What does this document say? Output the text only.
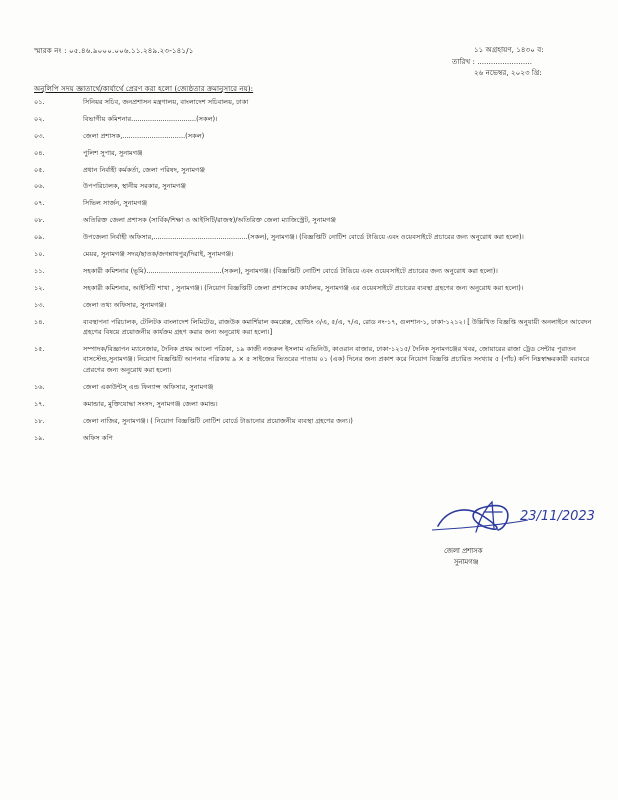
স্মারক নং : ০৫.৪৬.৯০০০.০০৬.১১.২৪৯.২৩-১৪১/১	১১ অগ্রহায়ণ, ১৪৩০ ব:
তারিখ : ........................
২৬ নভেম্বর, ২০২৩ খ্রি:
অনুলিপি সদয় জ্ঞাতার্থে/কার্যার্থে প্রেরণ করা হলো (জ্যেষ্ঠতার ক্রমানুসারে নয়):
০১.	সিনিয়র সচিব, জনপ্রশাসন মন্ত্রণালয়, বাংলাদেশ সচিবালয়, ঢাকা
০২.	বিভাগীয় কমিশনার...............................(সকল)।
০৩.	জেলা প্রশাসক,..............................(সকল)
০৪.	পুলিশ সুপার, সুনামগঞ্জ
০৫.	প্রধান নির্বাহী কর্মকর্তা, জেলা পরিষদ, সুনামগঞ্জ
০৬.	উপপরিচালক, স্থানীয় সরকার, সুনামগঞ্জ
০৭.	সিভিল সার্জন, সুনামগঞ্জ
০৮.	অতিরিক্ত জেলা প্রশাসক (সার্বিক/শিক্ষা ও আইসিটি/রাজস্ব)/অতিরিক্ত জেলা ম্যাজিস্ট্রেট, সুনামগঞ্জ
০৯.	উপজেলা নির্বাহী অফিসার,.............................................(সকল), সুনামগঞ্জ। (বিজ্ঞপ্তিটি নোটিশ বোর্ডে টাঙিয়ে এবং ওয়েবসাইটে প্রচারের জন্য অনুরোধ করা হলো)।
১০.	মেয়র, সুনামগঞ্জ সদর/ছাতক/জগন্নাথপুর/দিরাই, সুনামগঞ্জ।
১১.	সহকারী কমিশনার (ভূমি)....................................(সকল), সুনামগঞ্জ। (বিজ্ঞপ্তিটি নোটিশ বোর্ডে টাঙিয়ে এবং ওয়েবসাইটে প্রচারের জন্য অনুরোধ করা হলো)।
১২.	সহকারী কমিশনার, আইসিটি শাখা , সুনামগঞ্জ। (নিয়োগ বিজ্ঞপ্তিটি জেলা প্রশাসকের কার্যালয়, সুনামগঞ্জ এর ওয়েবসাইটে প্রচারের ব্যবস্থা গ্রহণের জন্য অনুরোধ করা হলো)।
১৩.	জেলা তথ্য অফিসার, সুনামগঞ্জ।
১৪.	ব্যবস্থাপনা পরিচালক, টেলিটক বাংলাদেশ লিমিটেড, রাজউক কমার্শিয়াল কমপ্লেক্স, হোল্ডিং ৩/এ, ৫/এ, ৭/এ, রোড নং-১৭, গুলশান-১, ঢাকা-১২১২। [ উল্লিখিত বিজ্ঞপ্তি অনুযায়ী অনলাইনে আবেদন গ্রহণের বিষয়ে প্রয়োজনীয় কার্যক্রম গ্রহণ করার জন্য অনুরোধ করা হলো।]
১৫.	সম্পাদক/বিজ্ঞাপন ম্যানেজার, দৈনিক প্রথম আলো পত্রিকা, ১৯ কাজী নজরুল ইসলাম এভিনিউ, কাওরান বাজার, ঢাকা-১২১৫/ দৈনিক সুনামগঞ্জের খবর, জোয়ারের রাজা ট্রেড সেন্টার পুরাতন বাসস্টেন্ড,সুনামগঞ্জ। নিয়োগ বিজ্ঞপ্তিটি আপনার পত্রিকায় ৯ × ৫ সাইজের ভিতরের পাতায় ০১ (এক) দিনের জন্য প্রকাশ করে নিয়োগ বিজ্ঞপ্তি প্রচারিত সংখ্যার ৫ (পাঁচ) কপি নিম্নস্বাক্ষরকারী বরাবরে প্রেরণের জন্য অনুরোধ করা হলো।
১৬.	জেলা একাউন্টস্ এন্ড ফিন্যান্স অফিসার, সুনামগঞ্জ
১৭.	কমান্ডার, মুক্তিযোদ্ধা সংসদ, সুনামগঞ্জ জেলা কমান্ড।
১৮.	জেলা নাজির, সুনামগঞ্জ। ( নিয়োগ বিজ্ঞপ্তিটি নোটিশ বোর্ডে টাঙানোর প্রয়োজনীয় ব্যবস্থা গ্রহণের জন্য।)
১৯.	অফিস কপি
23/11/2023
জেলা প্রশাসক
সুনামগঞ্জ
